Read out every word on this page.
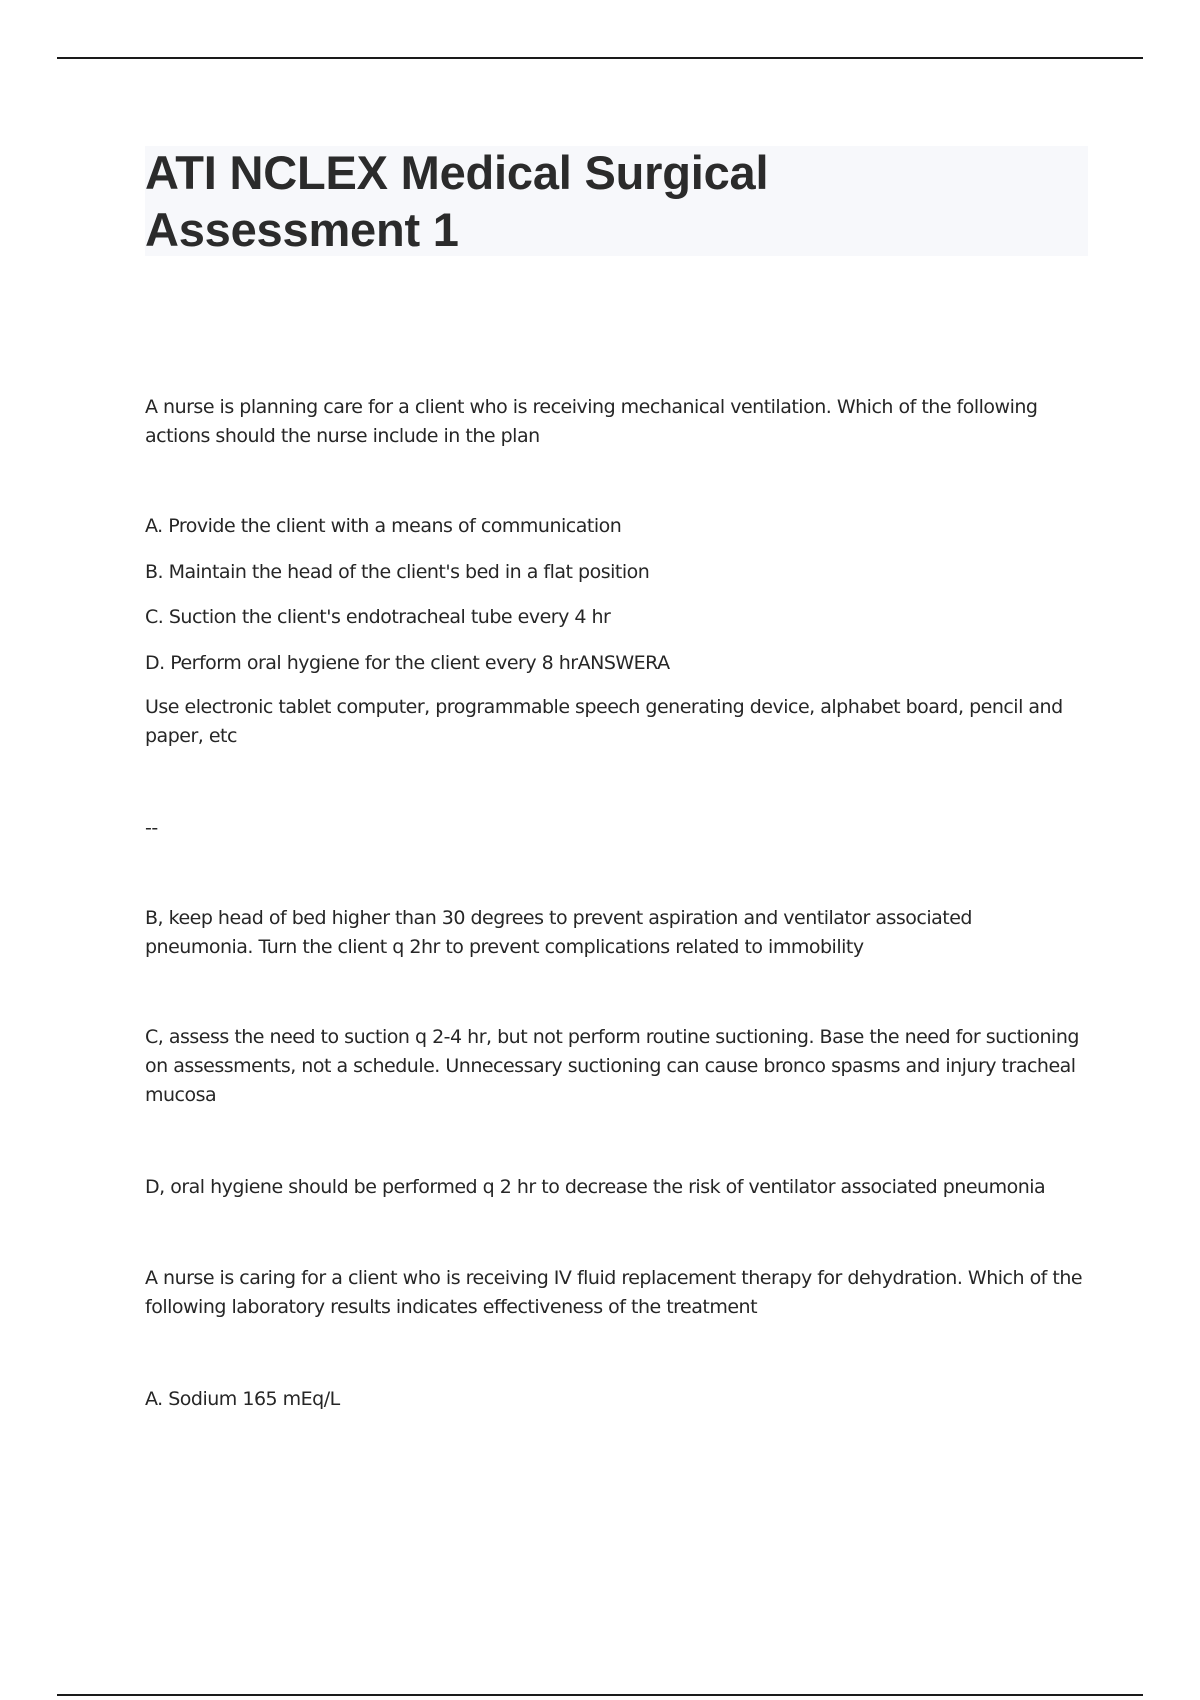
ATI NCLEX Medical Surgical Assessment 1

A nurse is planning care for a client who is receiving mechanical ventilation. Which of the following actions should the nurse include in the plan

A. Provide the client with a means of communication

B. Maintain the head of the client's bed in a flat position

C. Suction the client's endotracheal tube every 4 hr

D. Perform oral hygiene for the client every 8 hrANSWERA

Use electronic tablet computer, programmable speech generating device, alphabet board, pencil and paper, etc

--

B, keep head of bed higher than 30 degrees to prevent aspiration and ventilator associated pneumonia. Turn the client q 2hr to prevent complications related to immobility

C, assess the need to suction q 2-4 hr, but not perform routine suctioning. Base the need for suctioning on assessments, not a schedule. Unnecessary suctioning can cause bronco spasms and injury tracheal mucosa

D, oral hygiene should be performed q 2 hr to decrease the risk of ventilator associated pneumonia

A nurse is caring for a client who is receiving IV fluid replacement therapy for dehydration. Which of the following laboratory results indicates effectiveness of the treatment

A. Sodium 165 mEq/L
